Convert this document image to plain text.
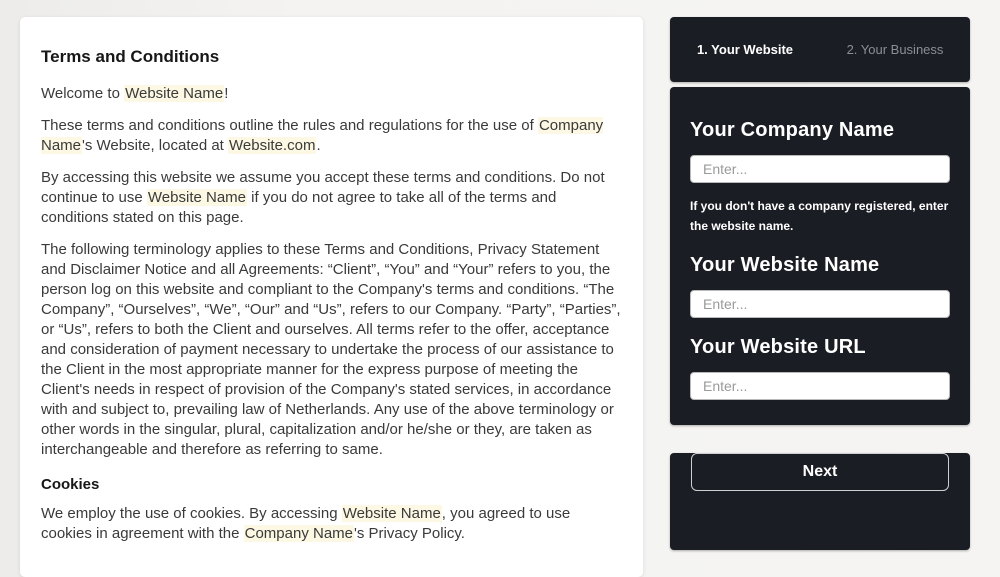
Terms and Conditions

Welcome to Website Name!

These terms and conditions outline the rules and regulations for the use of Company Name's Website, located at Website.com.

By accessing this website we assume you accept these terms and conditions. Do not continue to use Website Name if you do not agree to take all of the terms and conditions stated on this page.

The following terminology applies to these Terms and Conditions, Privacy Statement and Disclaimer Notice and all Agreements: “Client”, “You” and “Your” refers to you, the person log on this website and compliant to the Company's terms and conditions. “The Company”, “Ourselves”, “We”, “Our” and “Us”, refers to our Company. “Party”, “Parties”, or “Us”, refers to both the Client and ourselves. All terms refer to the offer, acceptance and consideration of payment necessary to undertake the process of our assistance to the Client in the most appropriate manner for the express purpose of meeting the Client's needs in respect of provision of the Company's stated services, in accordance with and subject to, prevailing law of Netherlands. Any use of the above terminology or other words in the singular, plural, capitalization and/or he/she or they, are taken as interchangeable and therefore as referring to same.

Cookies

We employ the use of cookies. By accessing Website Name, you agreed to use cookies in agreement with the Company Name's Privacy Policy.

1. Your Website	2. Your Business
Your Company Name
Enter...
If you don't have a company registered, enter the website name.
Your Website Name
Enter...
Your Website URL
Enter...
Next
